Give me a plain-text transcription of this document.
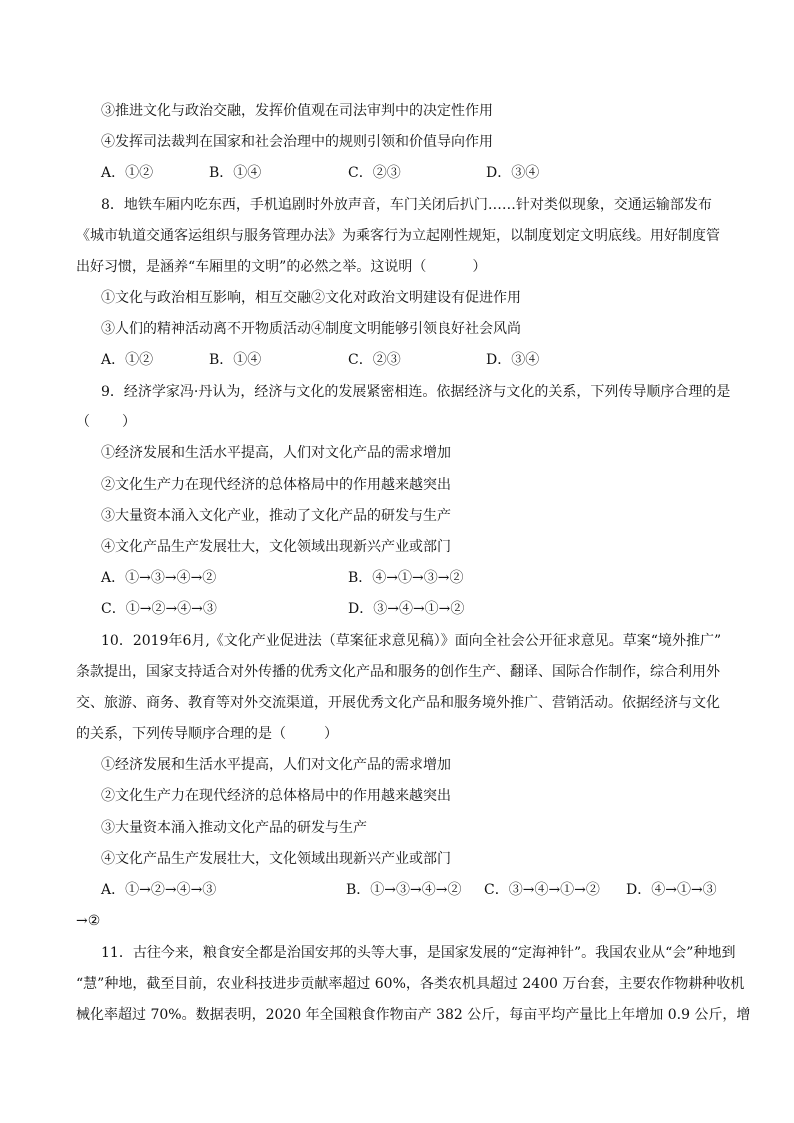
③推进文化与政治交融，发挥价值观在司法审判中的决定性作用
④发挥司法裁判在国家和社会治理中的规则引领和价值导向作用
A．①②	B．①④	C．②③	D．③④
8．地铁车厢内吃东西，手机追剧时外放声音，车门关闭后扒门……针对类似现象，交通运输部发布
《城市轨道交通客运组织与服务管理办法》为乘客行为立起刚性规矩，以制度划定文明底线。用好制度管
出好习惯，是涵养“车厢里的文明”的必然之举。这说明（	）
①文化与政治相互影响，相互交融②文化对政治文明建设有促进作用
③人们的精神活动离不开物质活动④制度文明能够引领良好社会风尚
A．①②	B．①④	C．②③	D．③④
9．经济学家冯·丹认为，经济与文化的发展紧密相连。依据经济与文化的关系，下列传导顺序合理的是
（ ）
①经济发展和生活水平提高，人们对文化产品的需求增加
②文化生产力在现代经济的总体格局中的作用越来越突出
③大量资本涌入文化产业，推动了文化产品的研发与生产
④文化产品生产发展壮大，文化领域出现新兴产业或部门
A．①→③→④→②	B．④→①→③→②
C．①→②→④→③	D．③→④→①→②
10．2019年6月,《文化产业促进法（草案征求意见稿）》面向全社会公开征求意见。草案“境外推广”
条款提出，国家支持适合对外传播的优秀文化产品和服务的创作生产、翻译、国际合作制作，综合利用外
交、旅游、商务、教育等对外交流渠道，开展优秀文化产品和服务境外推广、营销活动。依据经济与文化
的关系，下列传导顺序合理的是（	）
①经济发展和生活水平提高，人们对文化产品的需求增加
②文化生产力在现代经济的总体格局中的作用越来越突出
③大量资本涌入推动文化产品的研发与生产
④文化产品生产发展壮大，文化领域出现新兴产业或部门
A．①→②→④→③	B．①→③→④→② C．③→④→①→② D．④→①→③
→②
11．古往今来，粮食安全都是治国安邦的头等大事，是国家发展的“定海神针”。我国农业从“会”种地到
“慧”种地，截至目前，农业科技进步贡献率超过 60%，各类农机具超过 2400 万台套，主要农作物耕种收机
械化率超过 70%。数据表明，2020 年全国粮食作物亩产 382 公斤，每亩平均产量比上年增加 0.9 公斤，增
